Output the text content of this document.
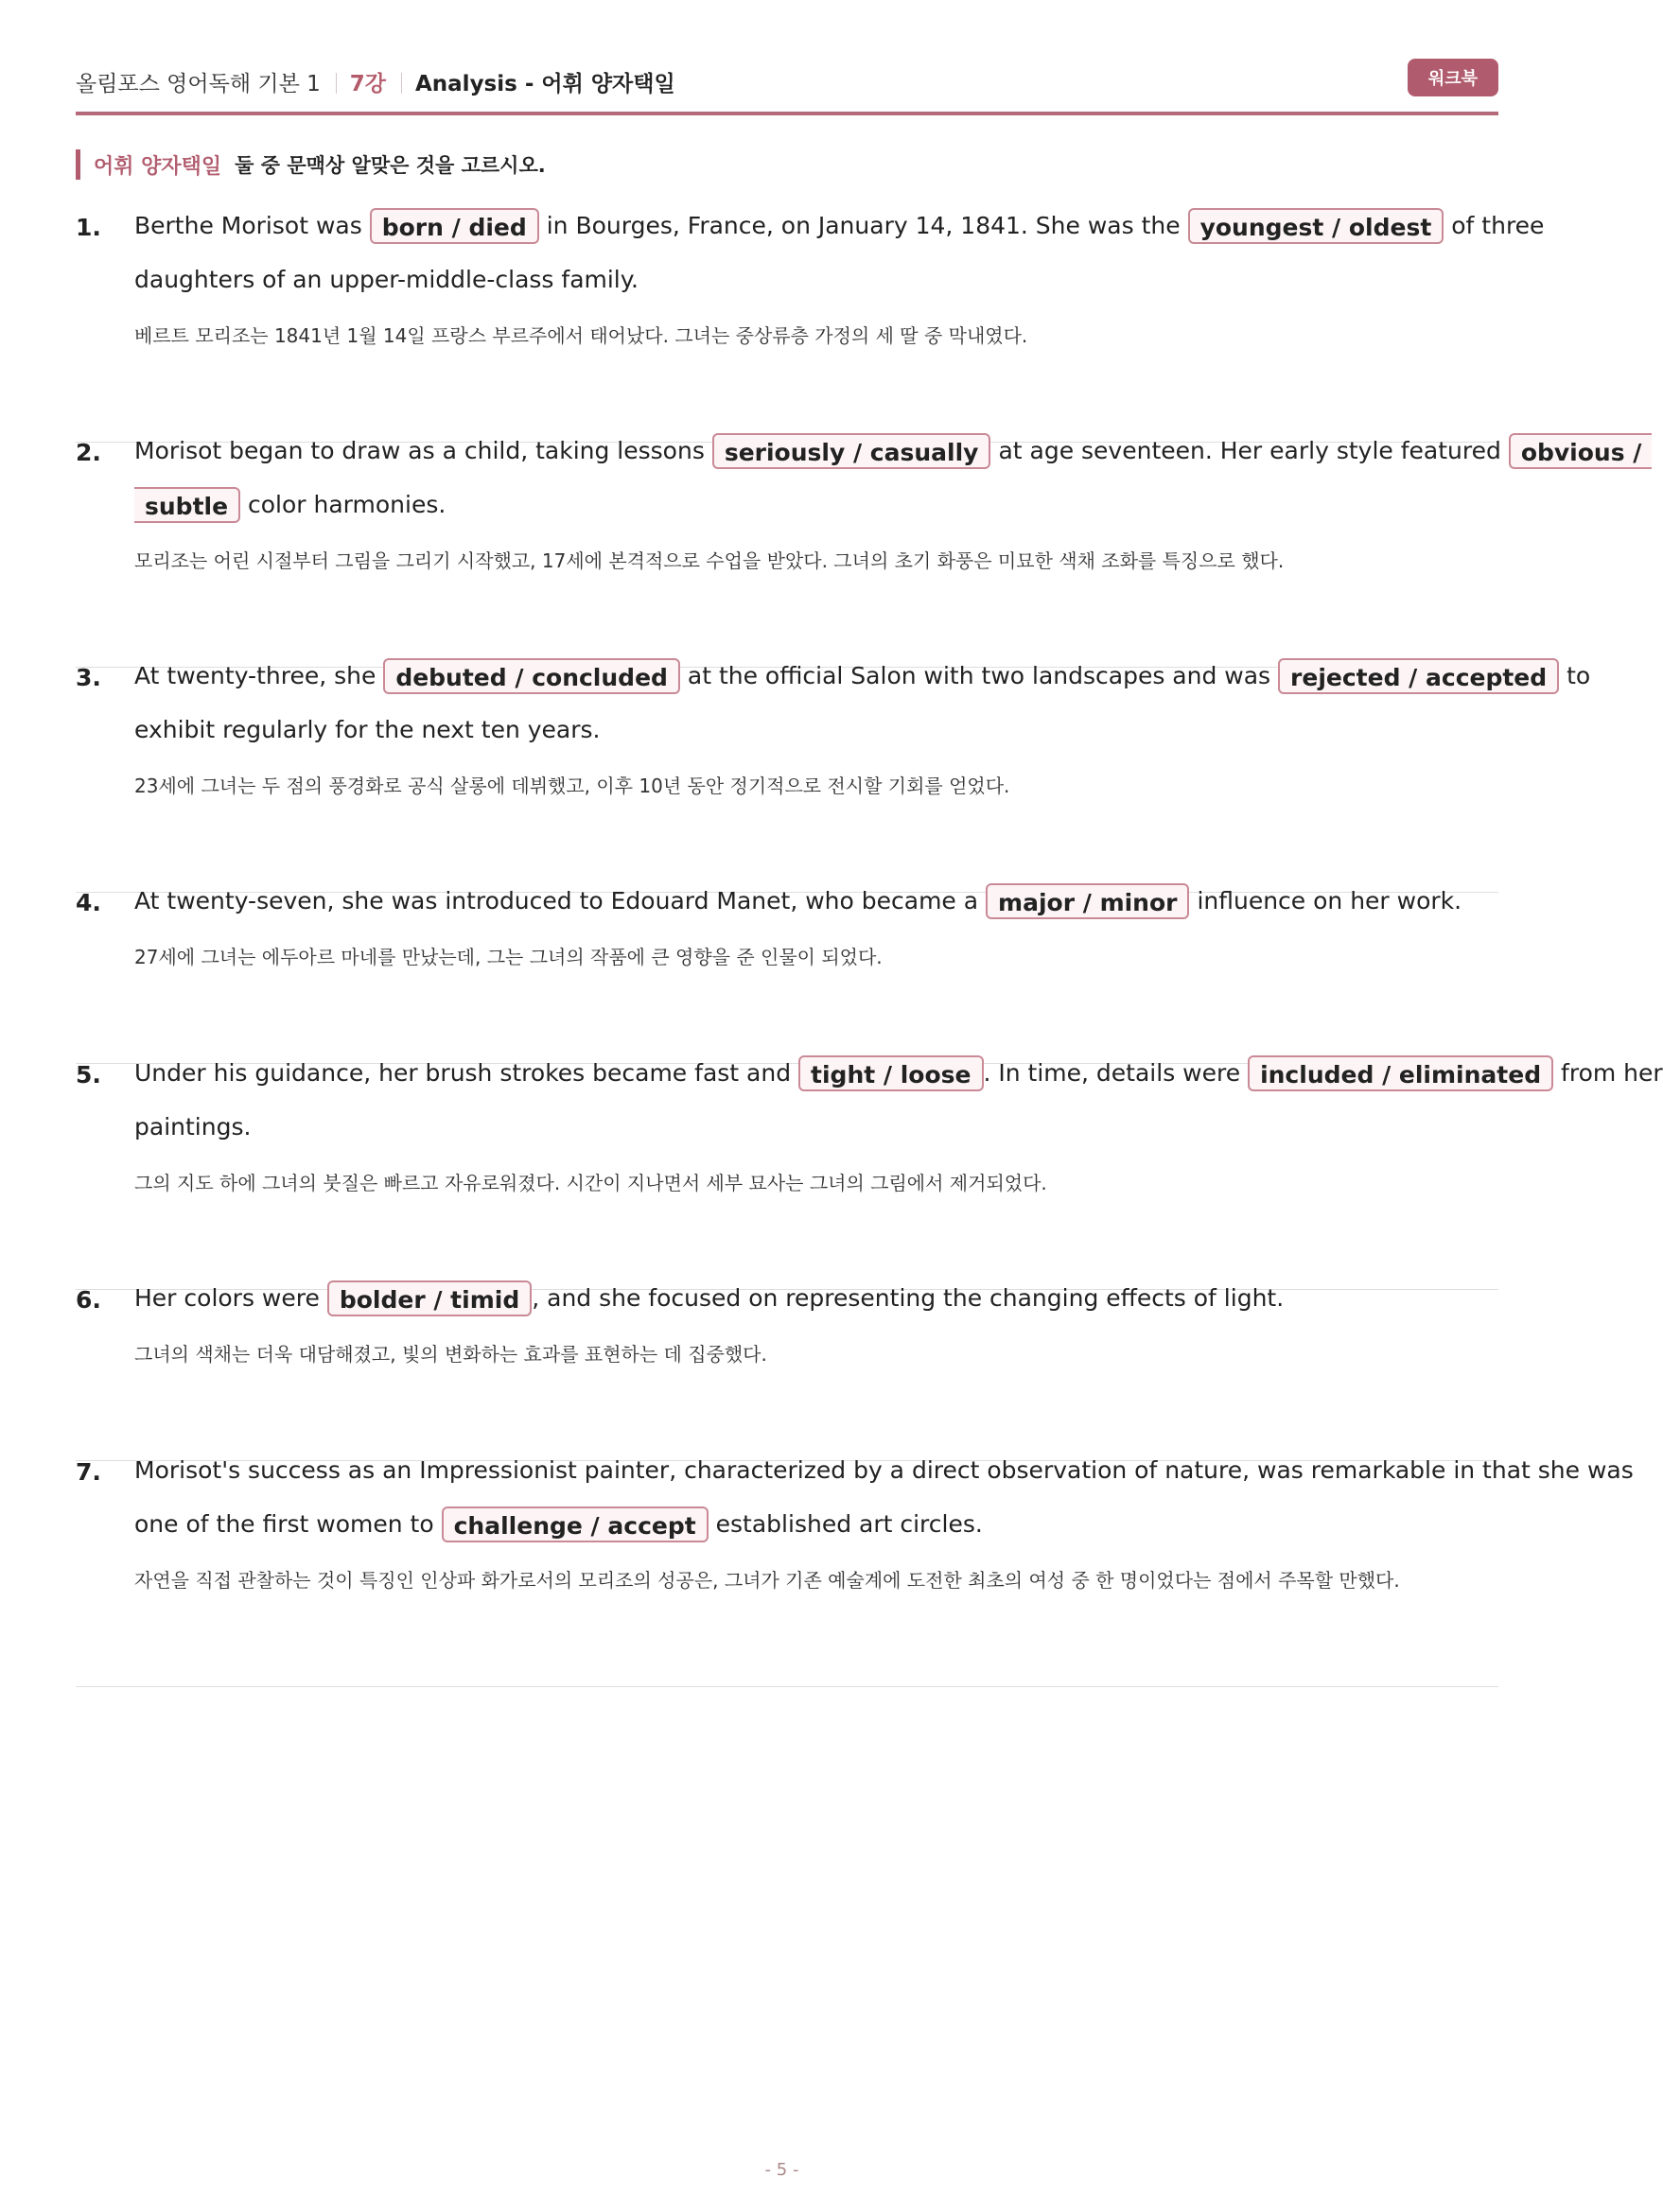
올림포스 영어독해 기본 1 7강 Analysis - 어휘 양자택일	워크북
어휘 양자택일 둘 중 문맥상 알맞은 것을 고르시오.
1. Berthe Morisot was born / died in Bourges, France, on January 14, 1841. She was the youngest / oldest of three
daughters of an upper-middle-class family.
베르트 모리조는 1841년 1월 14일 프랑스 부르주에서 태어났다. 그녀는 중상류층 가정의 세 딸 중 막내였다.
2. Morisot began to draw as a child, taking lessons seriously / casually at age seventeen. Her early style featured obvious /
subtle color harmonies.
모리조는 어린 시절부터 그림을 그리기 시작했고, 17세에 본격적으로 수업을 받았다. 그녀의 초기 화풍은 미묘한 색채 조화를 특징으로 했다.
3. At twenty-three, she debuted / concluded at the official Salon with two landscapes and was rejected / accepted to
exhibit regularly for the next ten years.
23세에 그녀는 두 점의 풍경화로 공식 살롱에 데뷔했고, 이후 10년 동안 정기적으로 전시할 기회를 얻었다.
4. At twenty-seven, she was introduced to Edouard Manet, who became a major / minor influence on her work.
27세에 그녀는 에두아르 마네를 만났는데, 그는 그녀의 작품에 큰 영향을 준 인물이 되었다.
5. Under his guidance, her brush strokes became fast and tight / loose . In time, details were included / eliminated from her
paintings.
그의 지도 하에 그녀의 붓질은 빠르고 자유로워졌다. 시간이 지나면서 세부 묘사는 그녀의 그림에서 제거되었다.
6. Her colors were bolder / timid , and she focused on representing the changing effects of light.
그녀의 색채는 더욱 대담해졌고, 빛의 변화하는 효과를 표현하는 데 집중했다.
7. Morisot's success as an Impressionist painter, characterized by a direct observation of nature, was remarkable in that she was
one of the first women to challenge / accept established art circles.
자연을 직접 관찰하는 것이 특징인 인상파 화가로서의 모리조의 성공은, 그녀가 기존 예술계에 도전한 최초의 여성 중 한 명이었다는 점에서 주목할 만했다.
- 5 -
